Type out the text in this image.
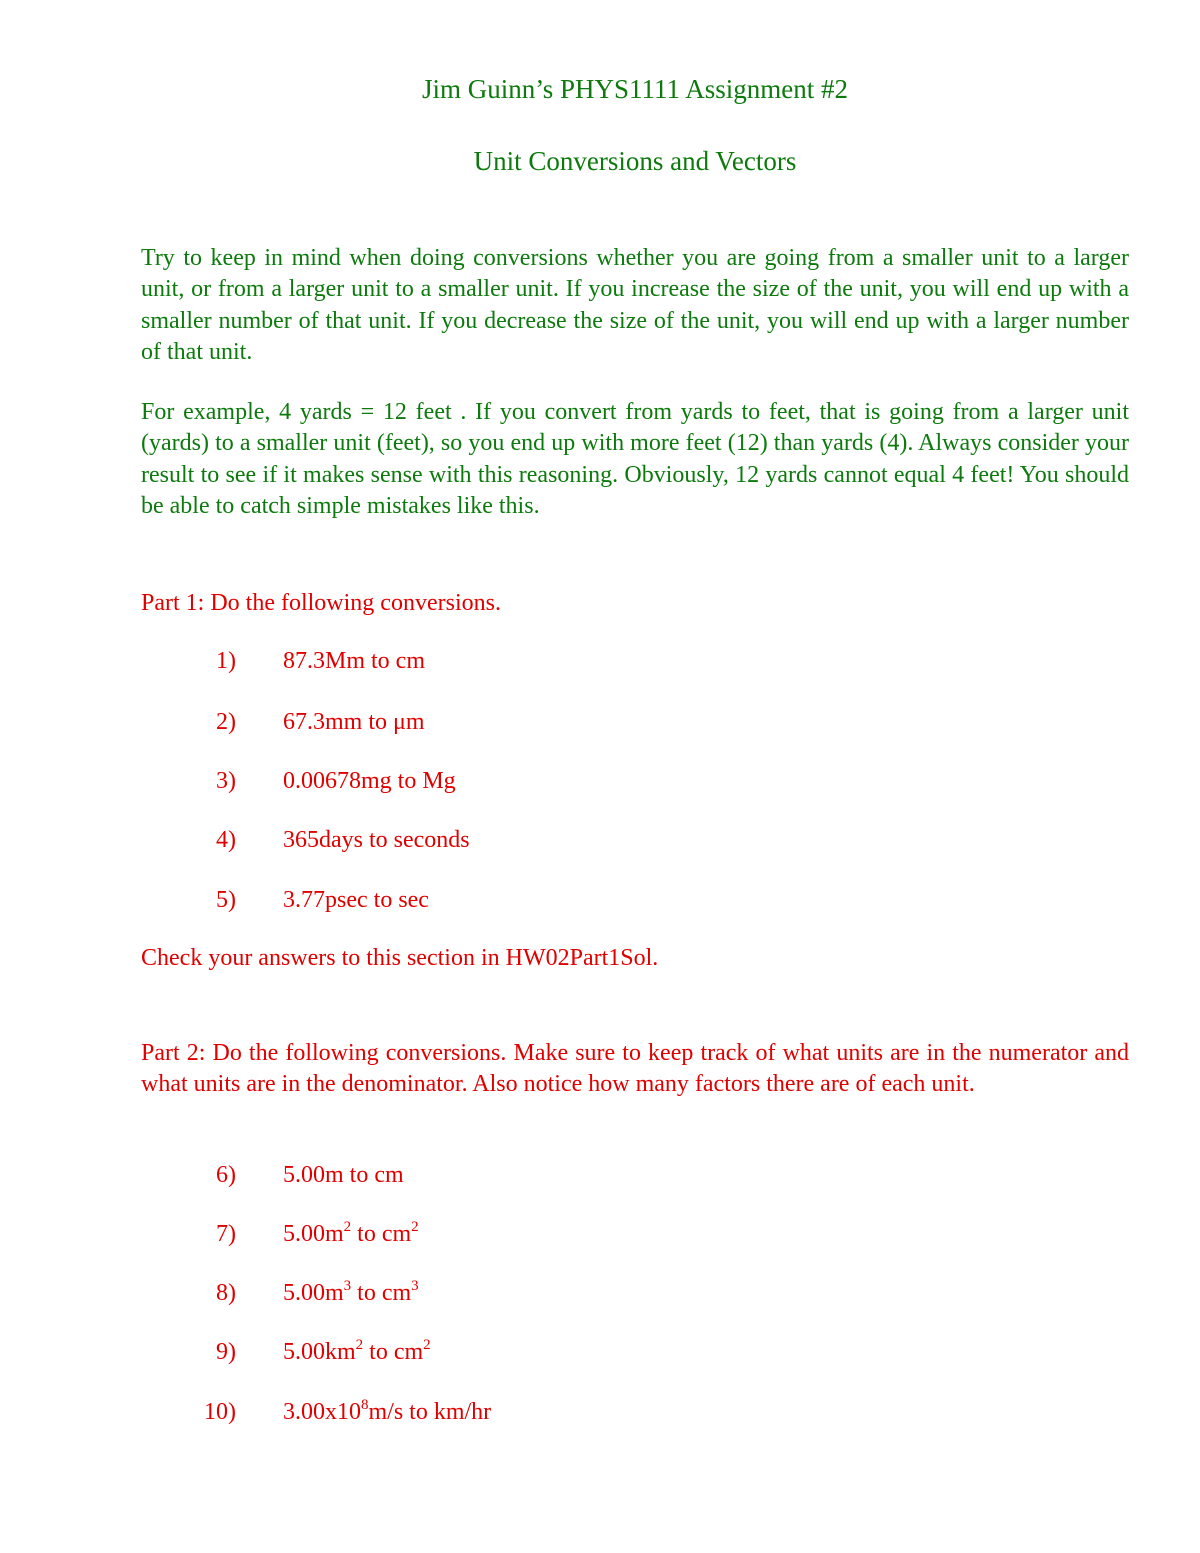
Jim Guinn’s PHYS1111 Assignment #2
Unit Conversions and Vectors

Try to keep in mind when doing conversions whether you are going from a smaller unit to a larger unit, or from a larger unit to a smaller unit. If you increase the size of the unit, you will end up with a smaller number of that unit. If you decrease the size of the unit, you will end up with a larger number of that unit.

For example, 4 yards = 12 feet . If you convert from yards to feet, that is going from a larger unit (yards) to a smaller unit (feet), so you end up with more feet (12) than yards (4). Always consider your result to see if it makes sense with this reasoning. Obviously, 12 yards cannot equal 4 feet! You should be able to catch simple mistakes like this.

Part 1: Do the following conversions.

1) 87.3Mm to cm
2) 67.3mm to μm
3) 0.00678mg to Mg
4) 365days to seconds
5) 3.77psec to sec

Check your answers to this section in HW02Part1Sol.

Part 2: Do the following conversions. Make sure to keep track of what units are in the numerator and what units are in the denominator. Also notice how many factors there are of each unit.

6) 5.00m to cm
7) $5.00m^2$ to $cm^2$
8) $5.00m^3$ to $cm^3$
9) $5.00km^2$ to $cm^2$
10) $3.00x10^8m/s$ to km/hr
